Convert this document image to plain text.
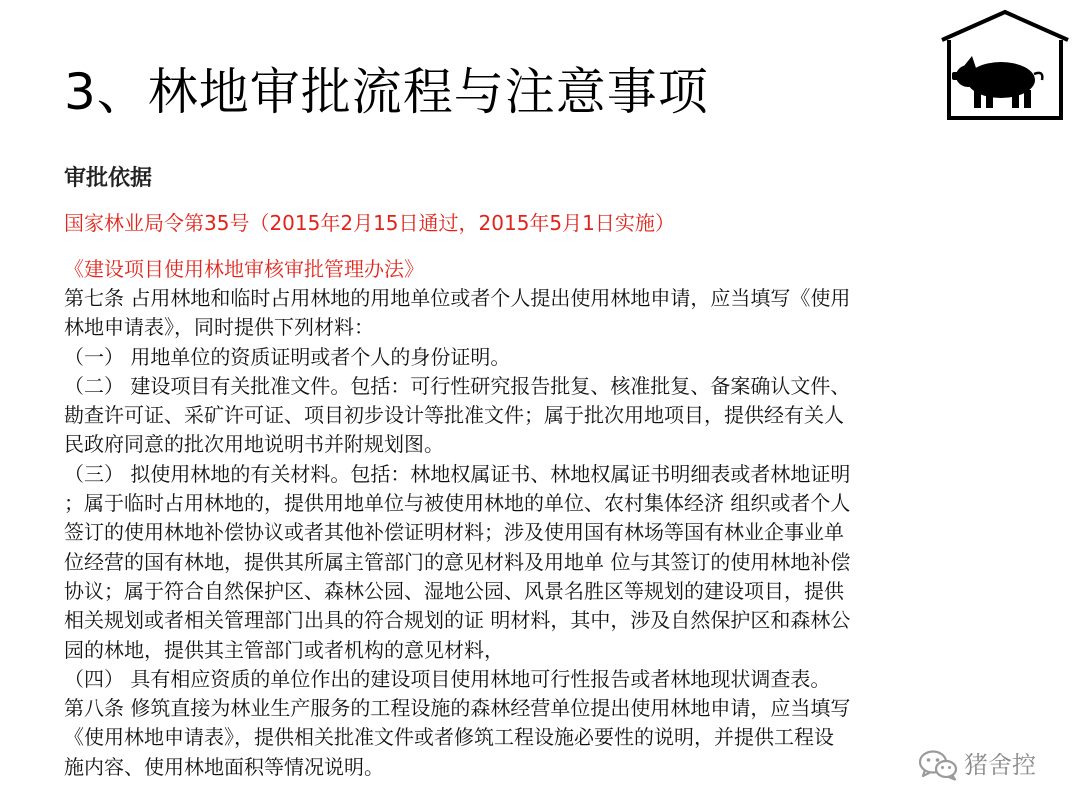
3、林地审批流程与注意事项
审批依据
国家林业局令第35号（2015年2月15日通过，2015年5月1日实施）
《建设项目使用林地审核审批管理办法》
第七条 占用林地和临时占用林地的用地单位或者个人提出使用林地申请，应当填写《使用
林地申请表》，同时提供下列材料：
（一） 用地单位的资质证明或者个人的身份证明。
（二） 建设项目有关批准文件。包括：可行性研究报告批复、核准批复、备案确认文件、
勘查许可证、采矿许可证、项目初步设计等批准文件；属于批次用地项目，提供经有关人
民政府同意的批次用地说明书并附规划图。
（三） 拟使用林地的有关材料。包括：林地权属证书、林地权属证书明细表或者林地证明
；属于临时占用林地的，提供用地单位与被使用林地的单位、农村集体经济 组织或者个人
签订的使用林地补偿协议或者其他补偿证明材料；涉及使用国有林场等国有林业企事业单
位经营的国有林地，提供其所属主管部门的意见材料及用地单 位与其签订的使用林地补偿
协议；属于符合自然保护区、森林公园、湿地公园、风景名胜区等规划的建设项目，提供
相关规划或者相关管理部门出具的符合规划的证 明材料，其中，涉及自然保护区和森林公
园的林地，提供其主管部门或者机构的意见材料，
（四） 具有相应资质的单位作出的建设项目使用林地可行性报告或者林地现状调查表。
第八条 修筑直接为林业生产服务的工程设施的森林经营单位提出使用林地申请，应当填写
《使用林地申请表》，提供相关批准文件或者修筑工程设施必要性的说明，并提供工程设
施内容、使用林地面积等情况说明。	猪舍控
